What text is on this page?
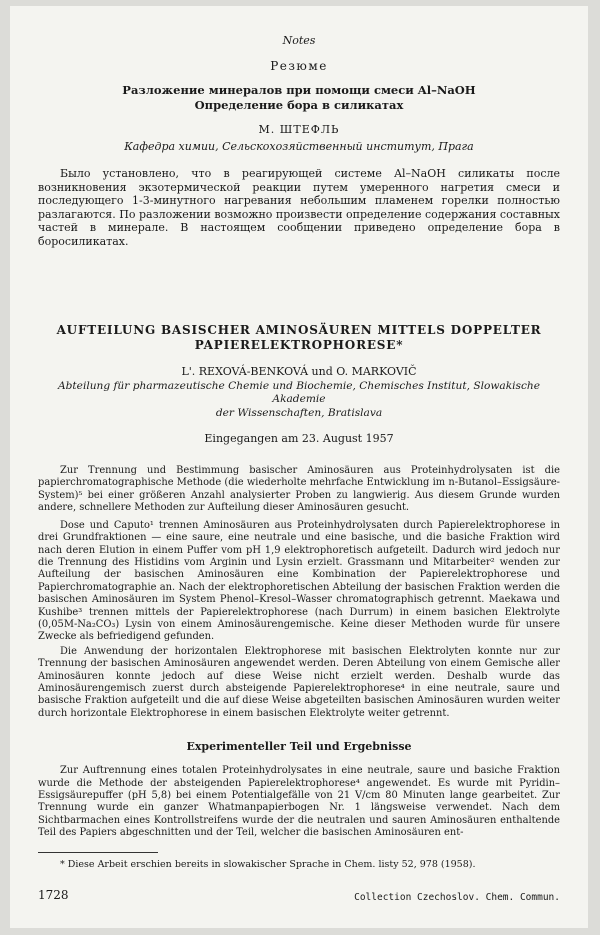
Notes
Резюме
Разложение минералов при помощи смеси Al–NaOH
Определение бора в силикатах
М. ШТЕФЛЬ
Кафедра химии, Сельскохозяйственный институт, Прага

Было установлено, что в реагирующей системе Al–NaOH силикаты после возникновения экзотермической реакции путем умеренного нагретия смеси и последующего 1-3-минутного нагревания небольшим пламенем горелки полностью разлагаются. По разложении возможно произвести определение содержания составных частей в минерале. В настоящем сообщении приведено определение бора в боросиликатах.

AUFTEILUNG BASISCHER AMINOSÄUREN MITTELS DOPPELTER
PAPIERELEKTROPHORESE*
L'. REXOVÁ-BENKOVÁ und O. MARKOVIČ
Abteilung für pharmazeutische Chemie und Biochemie, Chemisches Institut, Slowakische Akademie
der Wissenschaften, Bratislava
Eingegangen am 23. August 1957

Zur Trennung und Bestimmung basischer Aminosäuren aus Proteinhydrolysaten ist die papierchromatographische Methode (die wiederholte mehrfache Entwicklung im n-Butanol–Essigsäure-System)⁵ bei einer größeren Anzahl analysierter Proben zu langwierig. Aus diesem Grunde wurden andere, schnellere Methoden zur Aufteilung dieser Aminosäuren gesucht.

Dose und Caputo¹ trennen Aminosäuren aus Proteinhydrolysaten durch Papierelektrophorese in drei Grundfraktionen — eine saure, eine neutrale und eine basische, und die basiche Fraktion wird nach deren Elution in einem Puffer vom pH 1,9 elektrophoretisch aufgeteilt. Dadurch wird jedoch nur die Trennung des Histidins vom Arginin und Lysin erzielt. Grassmann und Mitarbeiter² wenden zur Aufteilung der basischen Aminosäuren eine Kombination der Papierelektrophorese und Papierchromatographie an. Nach der elektrophoretischen Abteilung der basischen Fraktion werden die basischen Aminosäuren im System Phenol–Kresol–Wasser chromatographisch getrennt. Maekawa und Kushibe³ trennen mittels der Papierelektrophorese (nach Durrum) in einem basichen Elektrolyte (0,05M-Na₂CO₃) Lysin von einem Aminosäurengemische. Keine dieser Methoden wurde für unsere Zwecke als befriedigend gefunden.

Die Anwendung der horizontalen Elektrophorese mit basischen Elektrolyten konnte nur zur Trennung der basischen Aminosäuren angewendet werden. Deren Abteilung von einem Gemische aller Aminosäuren konnte jedoch auf diese Weise nicht erzielt werden. Deshalb wurde das Aminosäurengemisch zuerst durch absteigende Papierelektrophorese⁴ in eine neutrale, saure und basische Fraktion aufgeteilt und die auf diese Weise abgeteilten basischen Aminosäuren wurden weiter durch horizontale Elektrophorese in einem basischen Elektrolyte weiter getrennt.

Experimenteller Teil und Ergebnisse

Zur Auftrennung eines totalen Proteinhydrolysates in eine neutrale, saure und basiche Fraktion wurde die Methode der absteigenden Papierelektrophorese⁴ angewendet. Es wurde mit Pyridin–Essigsäurepuffer (pH 5,8) bei einem Potentialgefälle von 21 V/cm 80 Minuten lange gearbeitet. Zur Trennung wurde ein ganzer Whatmanpapierbogen Nr. 1 längsweise verwendet. Nach dem Sichtbarmachen eines Kontrollstreifens wurde der die neutralen und sauren Aminosäuren enthaltende Teil des Papiers abgeschnitten und der Teil, welcher die basischen Aminosäuren ent-

* Diese Arbeit erschien bereits in slowakischer Sprache in Chem. listy 52, 978 (1958).
1728	Collection Czechoslov. Chem. Commun.
